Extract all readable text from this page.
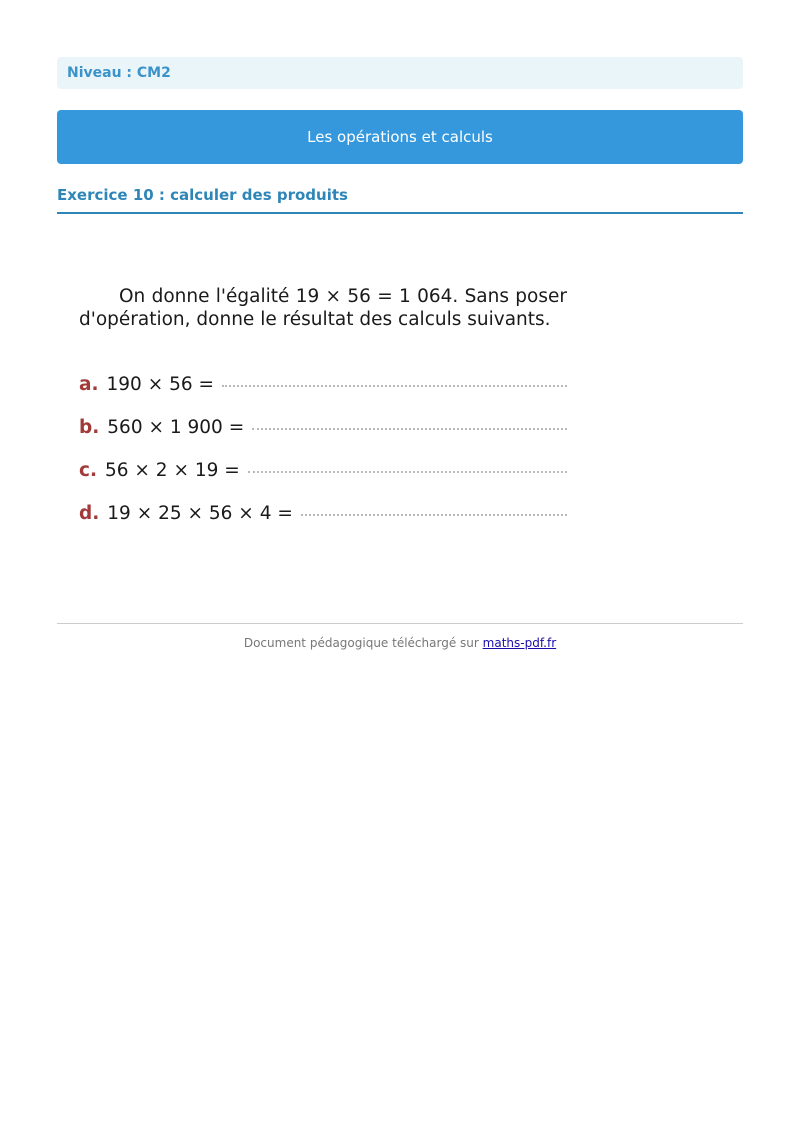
Niveau : CM2
Les opérations et calculs
Exercice 10 : calculer des produits

On donne l'égalité 19 × 56 = 1 064. Sans poser d'opération, donne le résultat des calculs suivants.

a. 190 × 56 =
b. 560 × 1 900 =
c. 56 × 2 × 19 =
d. 19 × 25 × 56 × 4 =
Document pédagogique téléchargé sur maths-pdf.fr
